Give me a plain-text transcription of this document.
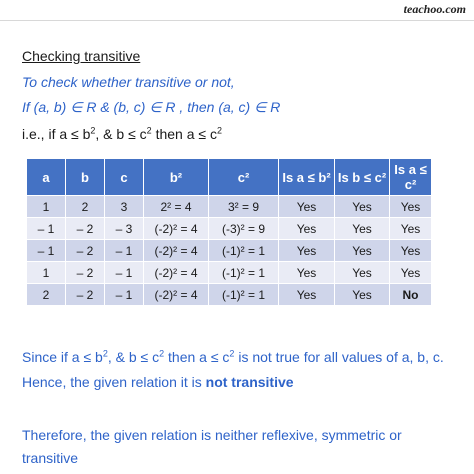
teachoo.com
Checking transitive
To check whether transitive or not,
If (a, b) ∈ R & (b, c) ∈ R , then (a, c) ∈ R
i.e., if $a \le b^2$, & $b \le c^2$ then $a \le c^2$
a	b	c	b²	c²	Is a ≤ b²	Is b ≤ c²	Is a ≤ c²
1	2	3	2² = 4	3² = 9	Yes	Yes	Yes
– 1	– 2	– 3	(-2)² = 4	(-3)² = 9	Yes	Yes	Yes
– 1	– 2	– 1	(-2)² = 4	(-1)² = 1	Yes	Yes	Yes
1	– 2	– 1	(-2)² = 4	(-1)² = 1	Yes	Yes	Yes
2	– 2	– 1	(-2)² = 4	(-1)² = 1	Yes	Yes	No
Since if $a \le b^2$, & $b \le c^2$ then $a \le c^2$ is not true for all values of a, b, c.
Hence, the given relation it is not transitive
Therefore, the given relation is neither reflexive, symmetric or
transitive
